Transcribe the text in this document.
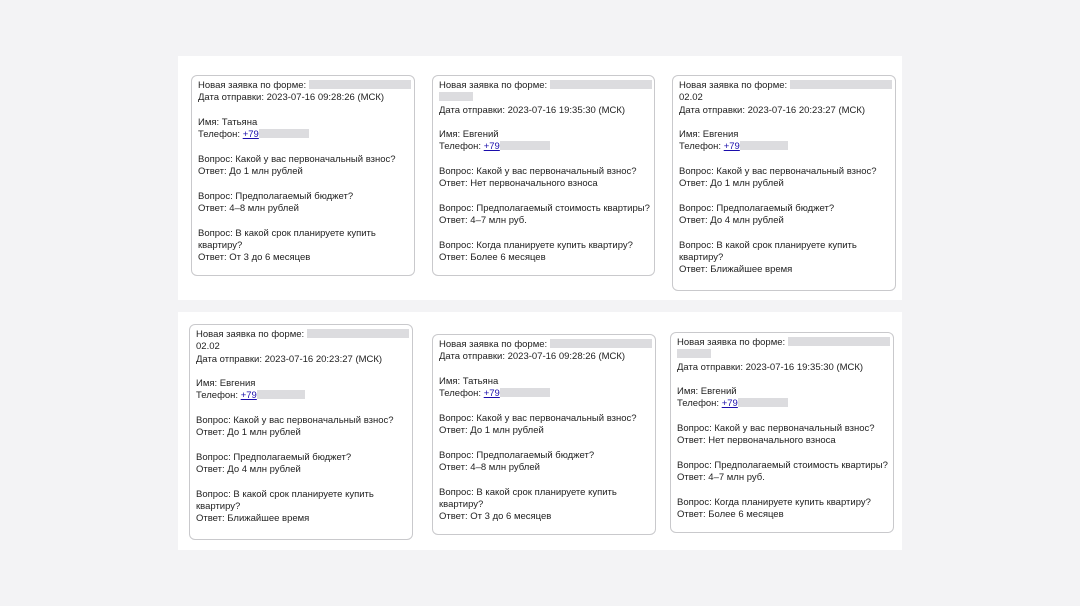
Новая заявка по форме:
Дата отправки: 2023-07-16 09:28:26 (МСК)
Имя: Татьяна
Телефон: +79
Вопрос: Какой у вас первоначальный взнос?
Ответ: До 1 млн рублей
Вопрос: Предполагаемый бюджет?
Ответ: 4–8 млн рублей
Вопрос: В какой срок планируете купить
квартиру?
Ответ: От 3 до 6 месяцев
Новая заявка по форме:
Дата отправки: 2023-07-16 19:35:30 (МСК)
Имя: Евгений
Телефон: +79
Вопрос: Какой у вас первоначальный взнос?
Ответ: Нет первоначального взноса
Вопрос: Предполагаемый стоимость квартиры?
Ответ: 4–7 млн руб.
Вопрос: Когда планируете купить квартиру?
Ответ: Более 6 месяцев
Новая заявка по форме:
02.02
Дата отправки: 2023-07-16 20:23:27 (МСК)
Имя: Евгения
Телефон: +79
Вопрос: Какой у вас первоначальный взнос?
Ответ: До 1 млн рублей
Вопрос: Предполагаемый бюджет?
Ответ: До 4 млн рублей
Вопрос: В какой срок планируете купить
квартиру?
Ответ: Ближайшее время
Новая заявка по форме:
02.02
Дата отправки: 2023-07-16 20:23:27 (МСК)
Имя: Евгения
Телефон: +79
Вопрос: Какой у вас первоначальный взнос?
Ответ: До 1 млн рублей
Вопрос: Предполагаемый бюджет?
Ответ: До 4 млн рублей
Вопрос: В какой срок планируете купить
квартиру?
Ответ: Ближайшее время
Новая заявка по форме:
Дата отправки: 2023-07-16 09:28:26 (МСК)
Имя: Татьяна
Телефон: +79
Вопрос: Какой у вас первоначальный взнос?
Ответ: До 1 млн рублей
Вопрос: Предполагаемый бюджет?
Ответ: 4–8 млн рублей
Вопрос: В какой срок планируете купить
квартиру?
Ответ: От 3 до 6 месяцев
Новая заявка по форме:
Дата отправки: 2023-07-16 19:35:30 (МСК)
Имя: Евгений
Телефон: +79
Вопрос: Какой у вас первоначальный взнос?
Ответ: Нет первоначального взноса
Вопрос: Предполагаемый стоимость квартиры?
Ответ: 4–7 млн руб.
Вопрос: Когда планируете купить квартиру?
Ответ: Более 6 месяцев
